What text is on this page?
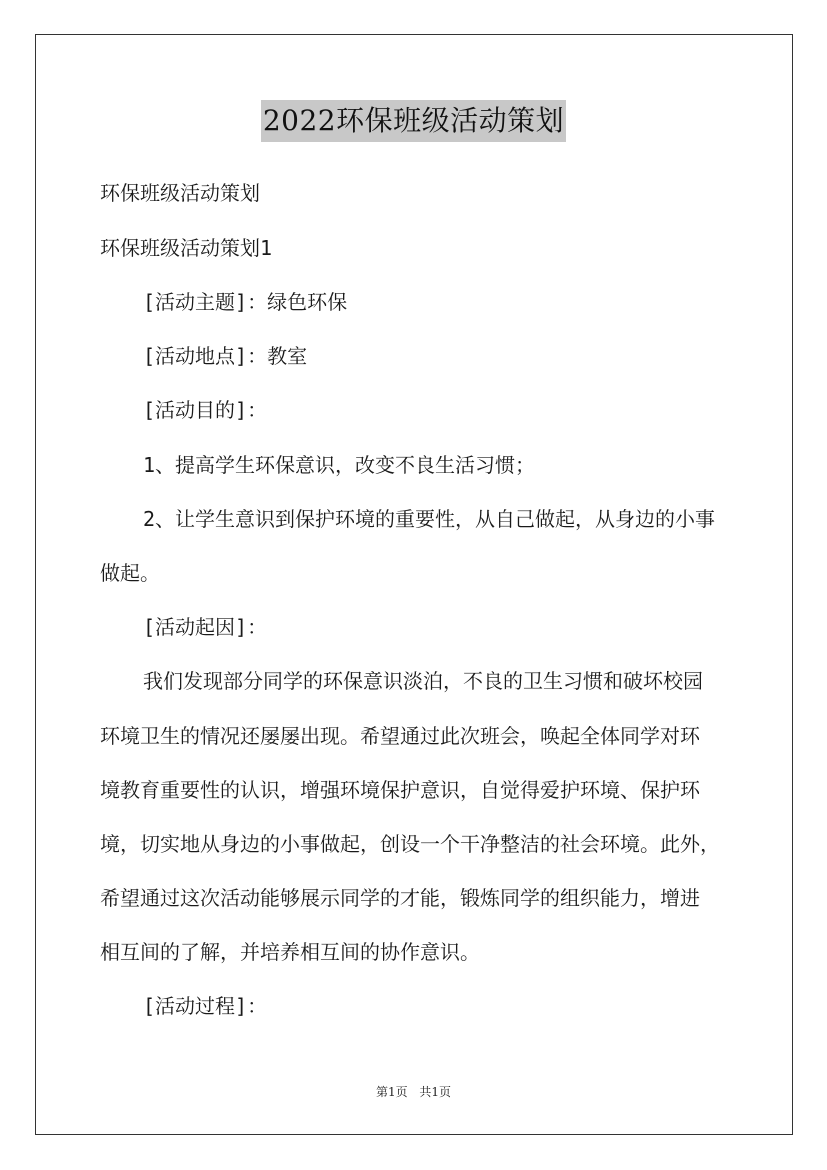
2022环保班级活动策划
环保班级活动策划
环保班级活动策划1
[活动主题]：绿色环保
[活动地点]：教室
[活动目的]：
1、提高学生环保意识，改变不良生活习惯；
2、让学生意识到保护环境的重要性，从自己做起，从身边的小事
做起。
[活动起因]：
我们发现部分同学的环保意识淡泊，不良的卫生习惯和破坏校园
环境卫生的情况还屡屡出现。希望通过此次班会，唤起全体同学对环
境教育重要性的认识，增强环境保护意识，自觉得爱护环境、保护环
境，切实地从身边的小事做起，创设一个干净整洁的社会环境。此外，
希望通过这次活动能够展示同学的才能，锻炼同学的组织能力，增进
相互间的了解，并培养相互间的协作意识。
[活动过程]：
第1页 共1页
